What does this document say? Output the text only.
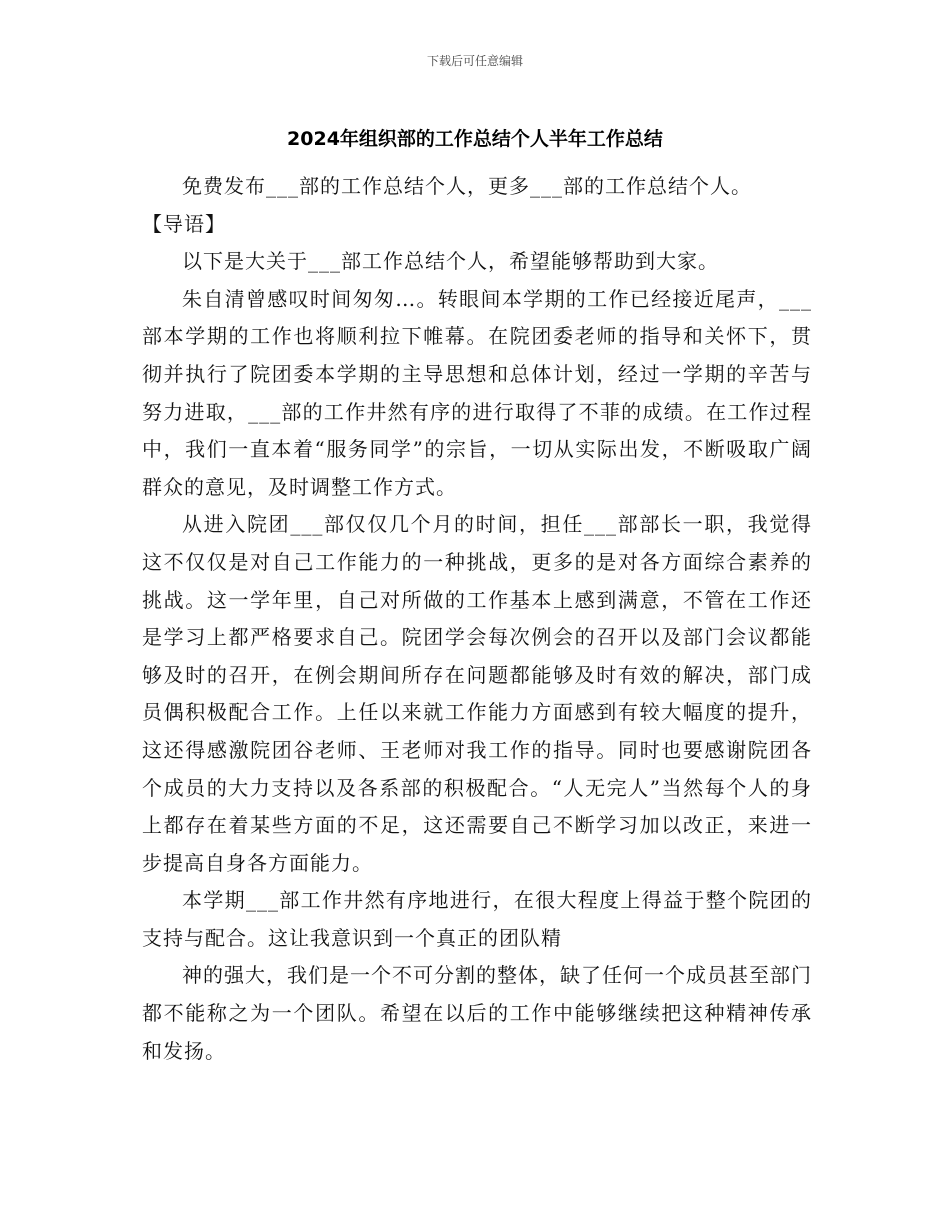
下载后可任意编辑
2024年组织部的工作总结个人半年工作总结

免费发布___部的工作总结个人，更多___部的工作总结个人。

【导语】

以下是大关于___部工作总结个人，希望能够帮助到大家。

朱自清曾感叹时间匆匆…。转眼间本学期的工作已经接近尾声，___部本学期的工作也将顺利拉下帷幕。在院团委老师的指导和关怀下，贯彻并执行了院团委本学期的主导思想和总体计划，经过一学期的辛苦与努力进取，___部的工作井然有序的进行取得了不菲的成绩。在工作过程中，我们一直本着“服务同学”的宗旨，一切从实际出发，不断吸取广阔群众的意见，及时调整工作方式。

从进入院团___部仅仅几个月的时间，担任___部部长一职，我觉得这不仅仅是对自己工作能力的一种挑战，更多的是对各方面综合素养的挑战。这一学年里，自己对所做的工作基本上感到满意，不管在工作还是学习上都严格要求自己。院团学会每次例会的召开以及部门会议都能够及时的召开，在例会期间所存在问题都能够及时有效的解决，部门成员偶积极配合工作。上任以来就工作能力方面感到有较大幅度的提升，这还得感激院团谷老师、王老师对我工作的指导。同时也要感谢院团各个成员的大力支持以及各系部的积极配合。“人无完人”当然每个人的身上都存在着某些方面的不足，这还需要自己不断学习加以改正，来进一步提高自身各方面能力。

本学期___部工作井然有序地进行，在很大程度上得益于整个院团的支持与配合。这让我意识到一个真正的团队精

神的强大，我们是一个不可分割的整体，缺了任何一个成员甚至部门都不能称之为一个团队。希望在以后的工作中能够继续把这种精神传承和发扬。
